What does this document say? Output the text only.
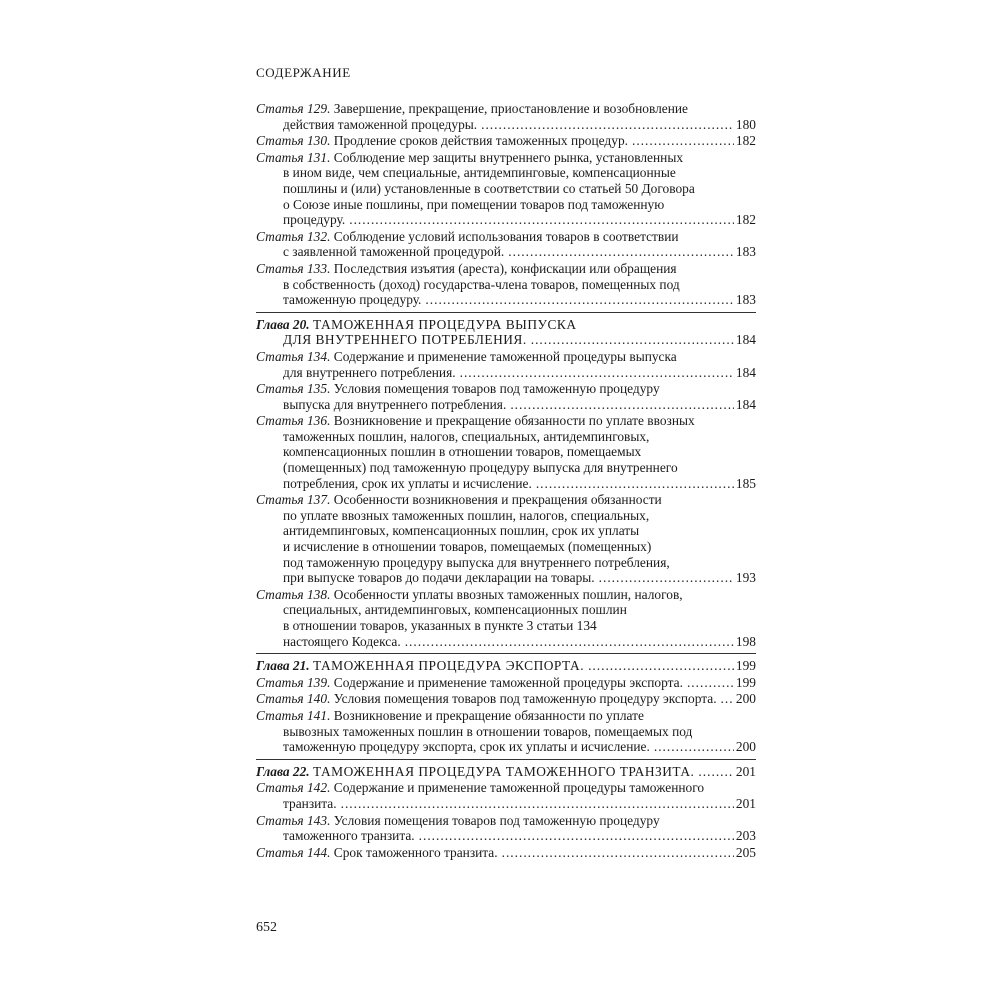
СОДЕРЖАНИЕ
Статья 129. Завершение, прекращение, приостановление и возобновление
действия таможенной процедуры. .....	180
Статья 130. Продление сроков действия таможенных процедур. .....	182
Статья 131. Соблюдение мер защиты внутреннего рынка, установленных
в ином виде, чем специальные, антидемпинговые, компенсационные
пошлины и (или) установленные в соответствии со статьей 50 Договора
о Союзе иные пошлины, при помещении товаров под таможенную
процедуру. .....	182
Статья 132. Соблюдение условий использования товаров в соответствии
с заявленной таможенной процедурой. .....	183
Статья 133. Последствия изъятия (ареста), конфискации или обращения
в собственность (доход) государства-члена товаров, помещенных под
таможенную процедуру. .....	183
Глава 20. ТАМОЖЕННАЯ ПРОЦЕДУРА ВЫПУСКА
ДЛЯ ВНУТРЕННЕГО ПОТРЕБЛЕНИЯ. .....	184
Статья 134. Содержание и применение таможенной процедуры выпуска
для внутреннего потребления. .....	184
Статья 135. Условия помещения товаров под таможенную процедуру
выпуска для внутреннего потребления. .....	184
Статья 136. Возникновение и прекращение обязанности по уплате ввозных
таможенных пошлин, налогов, специальных, антидемпинговых,
компенсационных пошлин в отношении товаров, помещаемых
(помещенных) под таможенную процедуру выпуска для внутреннего
потребления, срок их уплаты и исчисление. .....	185
Статья 137. Особенности возникновения и прекращения обязанности
по уплате ввозных таможенных пошлин, налогов, специальных,
антидемпинговых, компенсационных пошлин, срок их уплаты
и исчисление в отношении товаров, помещаемых (помещенных)
под таможенную процедуру выпуска для внутреннего потребления,
при выпуске товаров до подачи декларации на товары. .....	193
Статья 138. Особенности уплаты ввозных таможенных пошлин, налогов,
специальных, антидемпинговых, компенсационных пошлин
в отношении товаров, указанных в пункте 3 статьи 134
настоящего Кодекса. .....	198
Глава 21. ТАМОЖЕННАЯ ПРОЦЕДУРА ЭКСПОРТА. .....	199
Статья 139. Содержание и применение таможенной процедуры экспорта. .....	199
Статья 140. Условия помещения товаров под таможенную процедуру экспорта. ..... 200
Статья 141. Возникновение и прекращение обязанности по уплате
вывозных таможенных пошлин в отношении товаров, помещаемых под
таможенную процедуру экспорта, срок их уплаты и исчисление. .....	200
Глава 22. ТАМОЖЕННАЯ ПРОЦЕДУРА ТАМОЖЕННОГО ТРАНЗИТА. .....	201
Статья 142. Содержание и применение таможенной процедуры таможенного
транзита. .....	201
Статья 143. Условия помещения товаров под таможенную процедуру
таможенного транзита. .....	203
Статья 144. Срок таможенного транзита. .....	205
652
